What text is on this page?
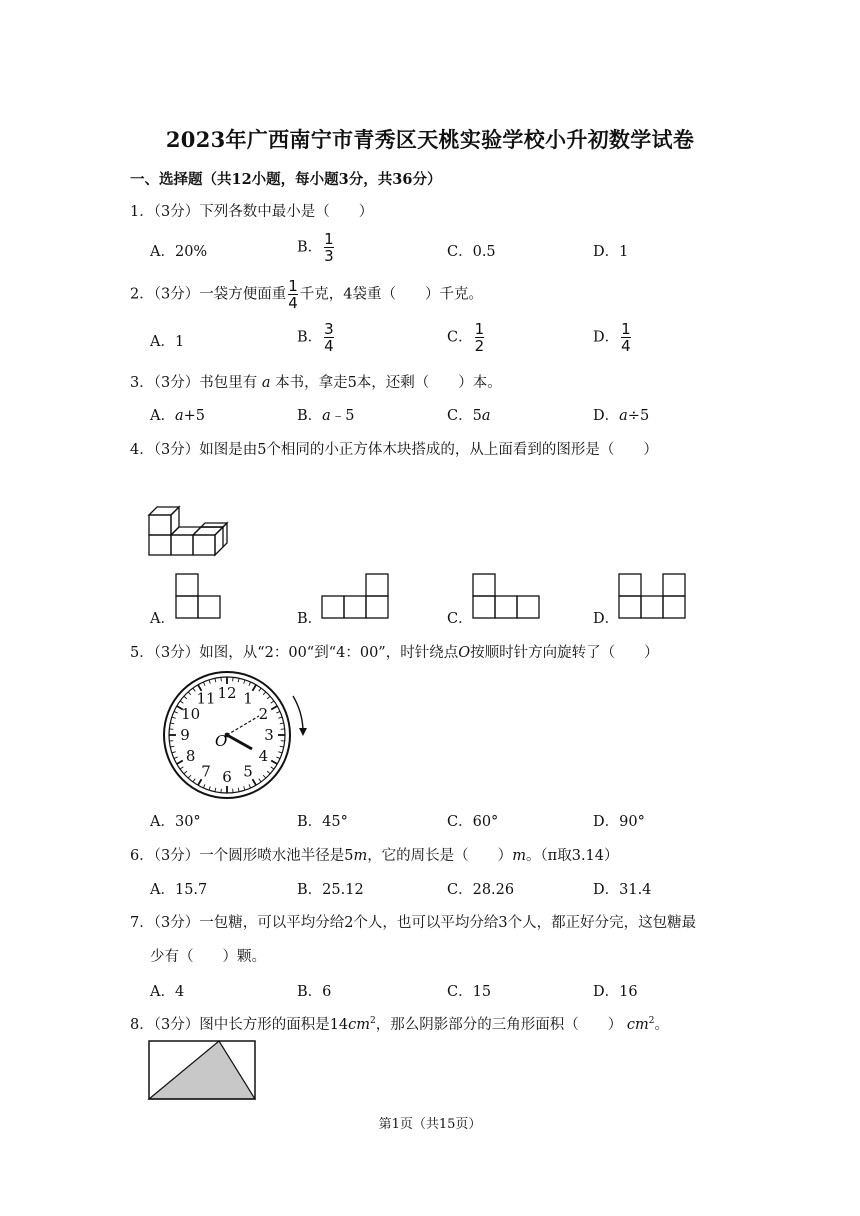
2023年广西南宁市青秀区天桃实验学校小升初数学试卷
一、选择题（共12小题，每小题3分，共36分）
1．（3分）下列各数中最小是（　　）
A．20%	B． $\frac{1}{3}$	C．0.5	D．1
2．（3分）一袋方便面重 $\frac{1}{4}$ 千克，4袋重（　　）千克。
A．1	B． $\frac{3}{4}$	C． $\frac{1}{2}$	D． $\frac{1}{4}$
3．（3分）书包里有 a 本书，拿走5本，还剩（　　）本。
A．a+5	B．a﹣5	C．5a	D．a÷5
4．（3分）如图是由5个相同的小正方体木块搭成的，从上面看到的图形是（　　）
A．	B．	C．	D．
5．（3分）如图，从“2：00“到“4：00”，时针绕点O按顺时针方向旋转了（　　）
12 1
2
3
4
5
6
7
8
9
10
11
O
A．30°	B．45°	C．60°	D．90°
6．（3分）一个圆形喷水池半径是5m，它的周长是（　　）m。（π取3.14）
A．15.7	B．25.12	C．28.26	D．31.4
7．（3分）一包糖，可以平均分给2个人，也可以平均分给3个人，都正好分完，这包糖最
少有（　　）颗。
A．4	B．6	C．15	D．16
8．（3分）图中长方形的面积是$14cm^2$，那么阴影部分的三角形面积（　　） $cm^2$。
第1页（共15页）
